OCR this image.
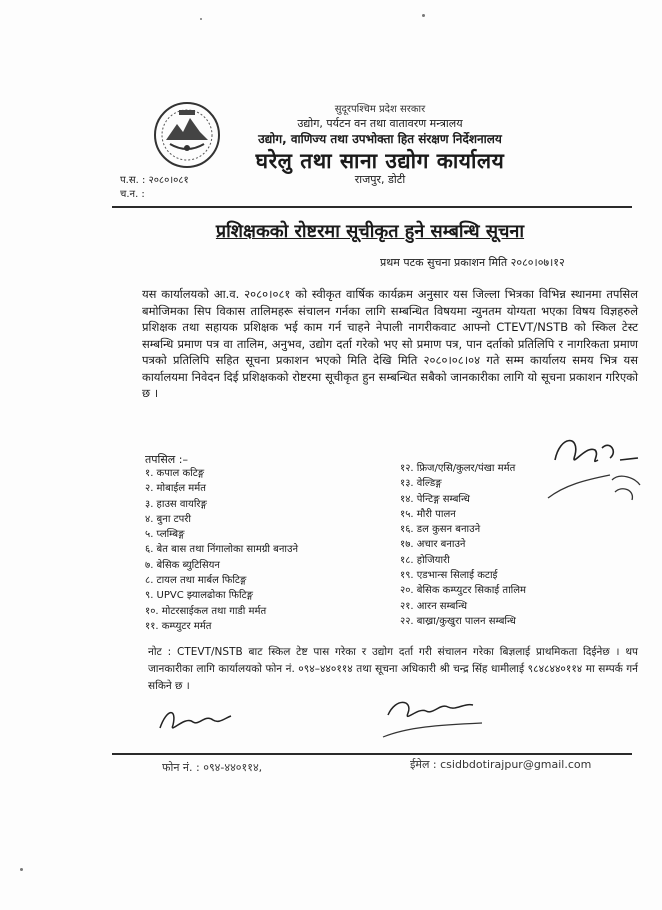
सुदूरपश्चिम प्रदेश सरकार
उद्योग, पर्यटन वन तथा वातावरण मन्त्रालय
उद्योग, वाणिज्य तथा उपभोक्ता हित संरक्षण निर्देशनालय
घरेलु तथा साना उद्योग कार्यालय
राजपुर, डोटी
प.स. : २०८०।०८१
च.न. :
प्रशिक्षकको रोष्टरमा सूचीकृत हुने सम्बन्धि सूचना
प्रथम पटक सुचना प्रकाशन मिति २०८०।०७।१२
यस कार्यालयको आ.व. २०८०।०८१ को स्वीकृत वार्षिक कार्यक्रम अनुसार यस जिल्ला भित्रका विभिन्न स्थानमा तपसिल बमोजिमका सिप विकास तालिमहरू संचालन गर्नका लागि सम्बन्धित विषयमा न्युनतम योग्यता भएका विषय विज्ञहरुले प्रशिक्षक तथा सहायक प्रशिक्षक भई काम गर्न चाहने नेपाली नागरीकवाट आफ्नो CTEVT/NSTB को स्किल टेस्ट सम्बन्धि प्रमाण पत्र वा तालिम, अनुभव, उद्योग दर्ता गरेको भए सो प्रमाण पत्र, पान दर्ताको प्रतिलिपि र नागरिकता प्रमाण पत्रको प्रतिलिपि सहित सूचना प्रकाशन भएको मिति देखि मिति २०८०।०८।०४ गते सम्म कार्यालय समय भित्र यस कार्यालयमा निवेदन दिई प्रशिक्षकको रोष्टरमा सूचीकृत हुन सम्बन्धित सबैको जानकारीका लागि यो सूचना प्रकाशन गरिएको छ ।
तपसिल :–
१. कपाल कटिङ्ग
२. मोबाईल मर्मत
३. हाउस वायरिङ्ग
४. बुना टपरी
५. प्लम्बिङ्ग
६. बेत बास तथा निंगालोका सामग्री बनाउने
७. बेसिक ब्युटिसियन
८. टायल तथा मार्बल फिटिङ्ग
९. UPVC झ्यालढोका फिटिङ्ग
१०. मोटरसाईकल तथा गाडी मर्मत
११. कम्प्युटर मर्मत
१२. फ्रिज/एसि/कुलर/पंखा मर्मत
१३. वेल्डिङ्ग
१४. पेन्टिङ्ग सम्बन्धि
१५. मौरी पालन
१६. डल कुसन बनाउने
१७. अचार बनाउने
१८. होजियारी
१९. एडभान्स सिलाई कटाई
२०. बेसिक कम्प्युटर सिकाई तालिम
२१. आरन सम्बन्धि
२२. बाख्रा/कुखुरा पालन सम्बन्धि
नोट : CTEVT/NSTB बाट स्किल टेष्ट पास गरेका र उद्योग दर्ता गरी संचालन गरेका बिज्ञलाई प्राथमिकता दिईनेछ । थप जानकारीका लागि कार्यालयको फोन नं. ०९४–४४०११४ तथा सूचना अधिकारी श्री चन्द्र सिंह धामीलाई ९८४८४४०११४ मा सम्पर्क गर्न सकिने छ ।
फोन नं. : ०९४-४४०११४,	ईमेल : csidbdotirajpur@gmail.com
